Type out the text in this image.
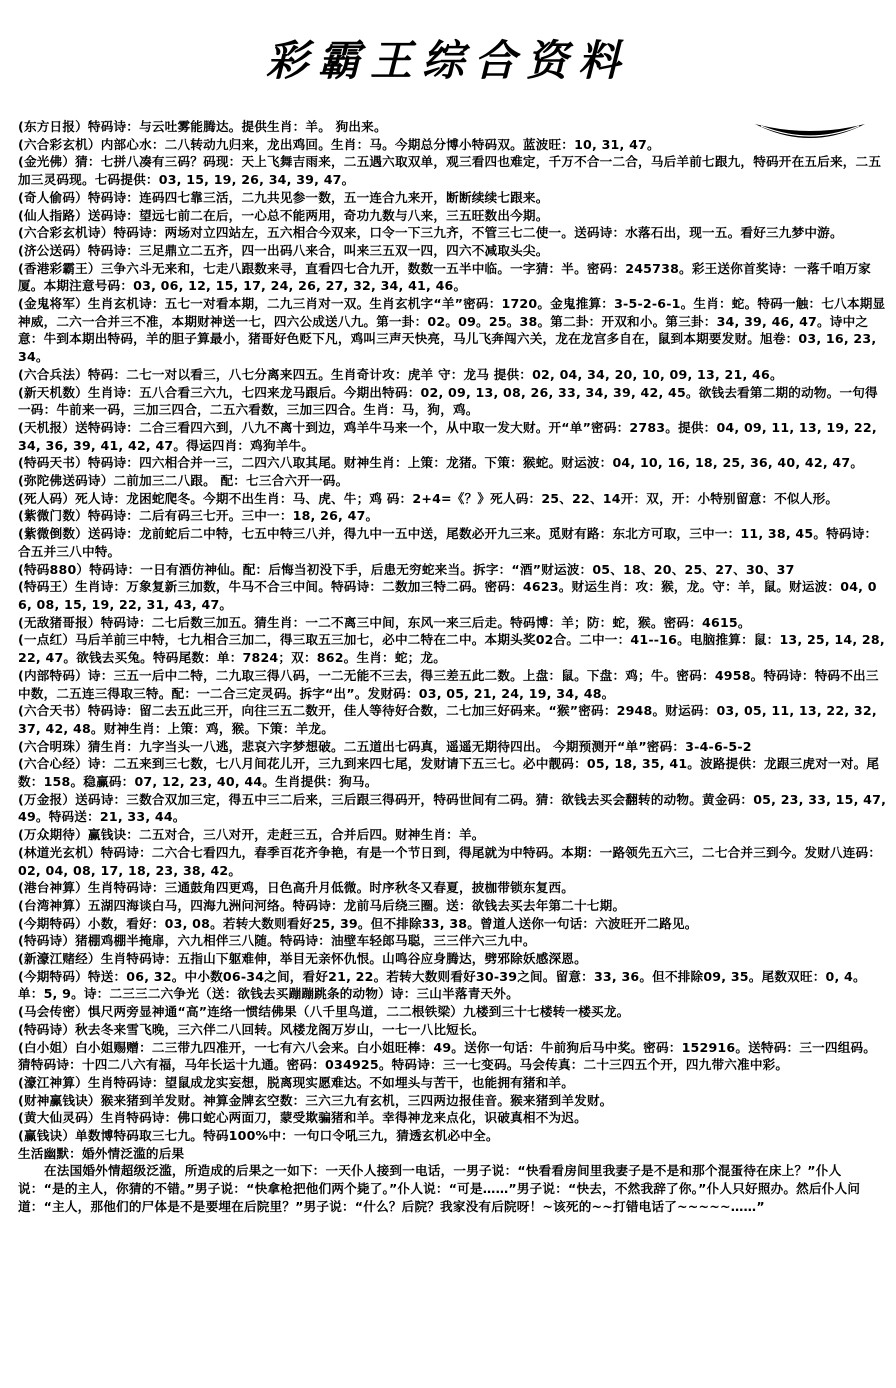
彩霸王综合资料
(东方日报）特码诗：与云吐雾能腾达。提供生肖：羊。 狗出来。
(六合彩玄机）内部心水：二八转动九归来，龙出鸡回。生肖：马。今期总分博小特码双。蓝波旺：10, 31, 47。
(金光佛）猜：七拼八凑有三码？码现：天上飞舞吉雨来，二五遇六取双单，观三看四也难定，千万不合一二合，马后羊前七跟九，特码开在五后来，二五加三灵码现。七码提供：03, 15, 19, 26, 34, 39, 47。
(奇人偷码）特码诗：连码四七靠三活，二九共见参一数，五一连合九来开，断断续续七跟来。
(仙人指路）送码诗：望远七前二在后，一心总不能两用，奇功九数与八来，三五旺数出今期。
(六合彩玄机诗）特码诗：两场对立四站左，五六相合今双来，口令一下三九齐，不管三七二使一。送码诗：水落石出，现一五。看好三九梦中游。
(济公送码）特码诗：三足鼎立二五齐，四一出码八来合，叫来三五双一四，四六不减取头尖。
(香港彩霸王）三争六斗无来和，七走八跟数来寻，直看四七合九开，数数一五半中临。一字猜：半。密码：245738。彩王送你首奖诗：一落千咱万家厦。本期注意号码：03, 06, 12, 15, 17, 24, 26, 27, 32, 34, 41, 46。
(金鬼将军）生肖玄机诗：五七一对看本期，二九三肖对一双。生肖玄机字“羊”密码：1720。金鬼推算：3-5-2-6-1。生肖：蛇。特码一触：七八本期显神威，二六一合并三不准，本期财神送一七，四六公成送八九。第一卦：02。09。25。38。第二卦：开双和小。第三卦：34, 39, 46, 47。诗中之意：牛到本期出特码，羊的胆子算最小，猪哥好色贬下凡，鸡叫三声天快亮，马儿飞奔闯六关，龙在龙宫多自在，鼠到本期要发财。旭卷：03, 16, 23, 34。
(六合兵法）特码：二七一对以看三，八七分离来四五。生肖奇计攻：虎羊 守：龙马 提供：02, 04, 34, 20, 10, 09, 13, 21, 46。
(新天机数）生肖诗：五八合看三六九，七四来龙马跟后。今期出特码：02, 09, 13, 08, 26, 33, 34, 39, 42, 45。欲钱去看第二期的动物。一句得一码：牛前来一码，三加三四合，二五六看数，三加三四合。生肖：马，狗，鸡。
(天机报）送特码诗：二合三看四六到，八九不离十到边，鸡羊牛马来一个，从中取一发大财。开“单”密码：2783。提供：04, 09, 11, 13, 19, 22, 34, 36, 39, 41, 42, 47。得运四肖：鸡狗羊牛。
(特码天书）特码诗：四六相合并一三，二四六八取其尾。财神生肖：上策：龙猪。下策：猴蛇。财运波：04, 10, 16, 18, 25, 36, 40, 42, 47。
(弥陀佛送码诗）二前加三二八跟。 配：七三合六开一码。
(死人码）死人诗：龙困蛇爬冬。今期不出生肖：马、虎、牛；鸡 码：2+4=《？》死人码：25、22、14开：双，开：小特别留意：不似人形。
(紫微门数）特码诗：二后有码三七开。三中一：18, 26, 47。
(紫微倒数）送码诗：龙前蛇后二中特，七五中特三八并，得九中一五中送，尾数必开九三来。觅财有路：东北方可取，三中一：11, 38, 45。特码诗：合五并三八中特。
(特码880）特码诗：一日有酒仿神仙。配：后悔当初没下手，后患无穷蛇来当。拆字：“酒”财运波：05、18、20、25、27、30、37
(特码王）生肖诗：万象复新三加数，牛马不合三中间。特码诗：二数加三特二码。密码：4623。财运生肖：攻：猴，龙。守：羊，鼠。财运波：04, 06, 08, 15, 19, 22, 31, 43, 47。
(无敌猪哥报）特码诗：二七后数三加五。猜生肖：一二不离三中间，东风一来三后走。特码博：羊；防：蛇，猴。密码：4615。
(一点红）马后羊前三中特，七九相合三加二，得三取五三加七，必中二特在二中。本期头奖02合。二中一：41--16。电脑推算：鼠：13, 25, 14, 28, 22, 47。欲钱去买兔。特码尾数：单：7824；双：862。生肖：蛇；龙。
(内部特码）诗：三五一后中二特，二九取三得八码，一二无能不三去，得三差五此二数。上盘：鼠。下盘：鸡；牛。密码：4958。特码诗：特码不出三中数，二五连三得取三特。配：一二合三定灵码。拆字“出”。发财码：03, 05, 21, 24, 19, 34, 48。
(六合天书）特码诗：留二去五此三开，向往三五二数开，佳人等待好合数，二七加三好码来。“猴”密码：2948。财运码：03, 05, 11, 13, 22, 32, 37, 42, 48。财神生肖：上策：鸡，猴。下策：羊龙。
(六合明珠）猜生肖：九字当头一八逃，悲哀六字梦想破。二五道出七码真，遥遥无期待四出。 今期预测开“单”密码：3-4-6-5-2
(六合心经）诗：二五来到三七数，七八月间花儿开，三九到来四七尾，发财请下五三七。必中靓码：05, 18, 35, 41。波路提供：龙跟三虎对一对。尾数：158。稳赢码：07, 12, 23, 40, 44。生肖提供：狗马。
(万金报）送码诗：三数合双加三定，得五中三二后来，三后跟三得码开，特码世间有二码。猜：欲钱去买会翻转的动物。黄金码：05, 23, 33, 15, 47, 49。特码送：21, 33, 44。
(万众期待）赢钱诀：二五对合，三八对开，走赶三五，合并后四。财神生肖：羊。
(林道光玄机）特码诗：二六合七看四九，春季百花齐争艳，有是一个节日到，得尾就为中特码。本期：一路领先五六三，二七合并三到今。发财八连码：02, 04, 08, 17, 18, 23, 38, 42。
(港台神算）生肖特码诗：三通鼓角四更鸡，日色高升月低微。时序秋冬又春夏，披枷带锁东复西。
(台湾神算）五湖四海谈白马，四海九洲问河络。特码诗：龙前马后绕三圈。送：欲钱去买去年第二十七期。
(今期特码）小数，看好：03, 08。若转大数则看好25, 39。但不排除33, 38。曾道人送你一句话：六波旺开二路见。
(特码诗）猪棚鸡棚半掩扉，六九相伴三八随。特码诗：油壁车轻郎马聪，三三伴六三九中。
(新濠江赌经）生肖特码诗：五指山下躯难伸，举目无亲怀仇恨。山鸣谷应身腾达，劈邪除妖感深恩。
(今期特码）特送：06, 32。中小数06-34之间，看好21, 22。若转大数则看好30-39之间。留意：33, 36。但不排除09, 35。尾数双旺：0, 4。单：5, 9。诗：二三三二六争光（送：欲钱去买蹦蹦跳条的动物）诗：三山半落青天外。
(马会传密）惧尺两旁显神通“高”连络一惯结佛果（八千里鸟道，二二根铁梁）九楼到三十七楼转一楼买龙。
(特码诗）秋去冬来雪飞晚，三六伴二八回转。风楼龙阁万岁山，一七一八比短长。
(白小姐）白小姐赐赠：二三带九四准开，一七有六八会来。白小姐旺棒：49。送你一句话：牛前狗后马中奖。密码：152916。送特码：三一四组码。猜特码诗：十四二八六有福，马年长运十九通。密码：034925。特码诗：三一七变码。马会传真：二十三四五个开，四九带六准中彩。
(濠江神算）生肖特码诗：望鼠成龙实妄想，脱离现实愿难达。不如埋头与苦干，也能拥有猪和羊。
(财神赢钱诀）猴来猪到羊发财。神算金牌玄空数：三六三九有玄机，三四两边报佳音。猴来猪到羊发财。
(黄大仙灵码）生肖特码诗：佛口蛇心两面刀，蒙受欺骗猪和羊。幸得神龙来点化，识破真相不为迟。
(赢钱诀）单数博特码取三七九。特码100%中：一句口令吼三九，猜透玄机必中全。
生活幽默：婚外情泛滥的后果
在法国婚外情超级泛滥，所造成的后果之一如下：一天仆人接到一电话，一男子说：“快看看房间里我妻子是不是和那个混蛋待在床上？”仆人说：“是的主人，你猜的不错。”男子说：“快拿枪把他们两个毙了。”仆人说：“可是……”男子说：“快去，不然我辞了你。”仆人只好照办。然后仆人问道：“主人，那他们的尸体是不是要埋在后院里？”男子说：“什么？后院？我家没有后院呀！~该死的~~打错电话了~~~~~……”
